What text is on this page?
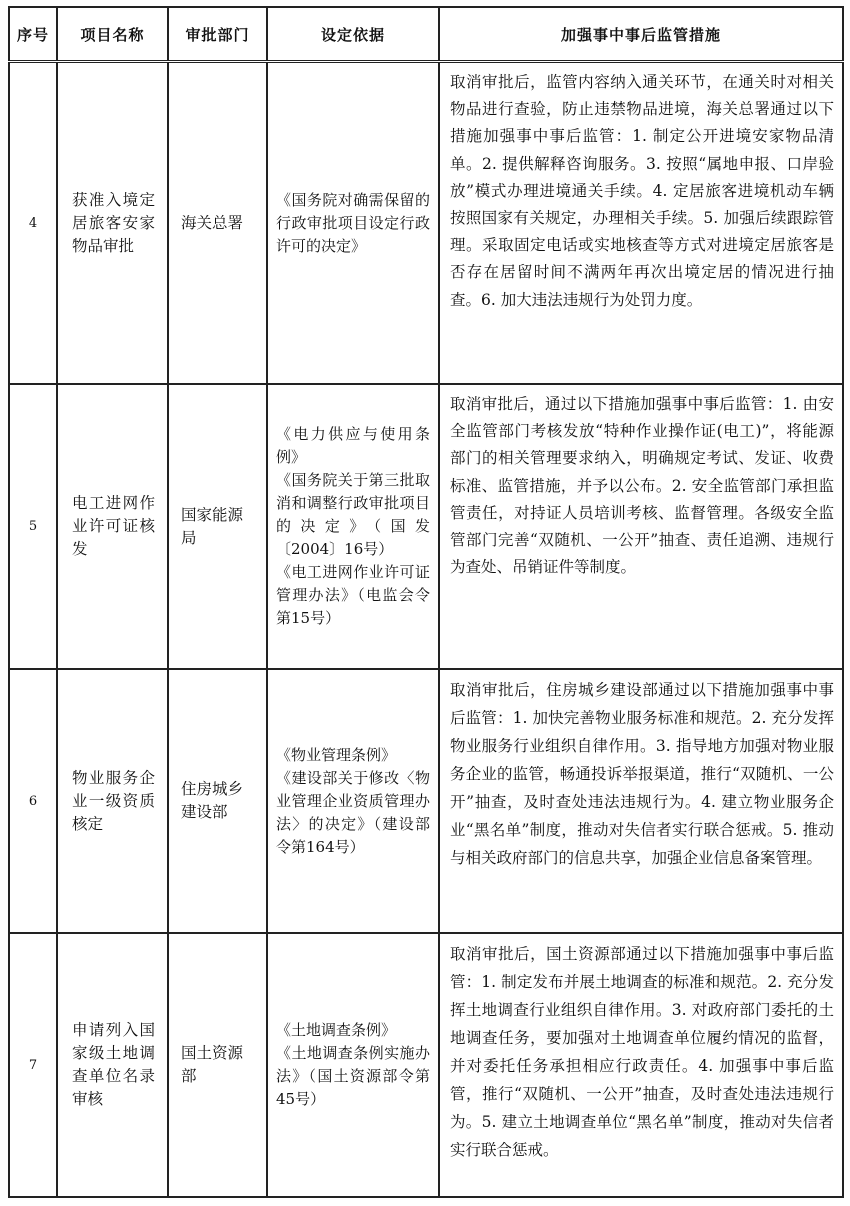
序号	项目名称	审批部门	设定依据	加强事中事后监管措施
4	获准入境定居旅客安家物品审批	海关总署	《国务院对确需保留的行政审批项目设定行政许可的决定》	取消审批后，监管内容纳入通关环节，在通关时对相关物品进行查验，防止违禁物品进境，海关总署通过以下措施加强事中事后监管：1. 制定公开进境安家物品清单。2. 提供解释咨询服务。3. 按照“属地申报、口岸验放”模式办理进境通关手续。4. 定居旅客进境机动车辆按照国家有关规定，办理相关手续。5. 加强后续跟踪管理。采取固定电话或实地核查等方式对进境定居旅客是否存在居留时间不满两年再次出境定居的情况进行抽查。6. 加大违法违规行为处罚力度。

5	电工进网作业许可证核发	国家能源局	《电力供应与使用条例》
《国务院关于第三批取消和调整行政审批项目的决定》（国发〔2004〕16号）
《电工进网作业许可证管理办法》（电监会令第15号）	取消审批后，通过以下措施加强事中事后监管：1. 由安全监管部门考核发放“特种作业操作证(电工)”，将能源部门的相关管理要求纳入，明确规定考试、发证、收费标准、监管措施，并予以公布。2. 安全监管部门承担监管责任，对持证人员培训考核、监督管理。各级安全监管部门完善“双随机、一公开”抽查、责任追溯、违规行为查处、吊销证件等制度。

6	物业服务企业一级资质核定	住房城乡建设部	《物业管理条例》
《建设部关于修改〈物业管理企业资质管理办法〉的决定》（建设部令第164号）	取消审批后，住房城乡建设部通过以下措施加强事中事后监管：1. 加快完善物业服务标准和规范。2. 充分发挥物业服务行业组织自律作用。3. 指导地方加强对物业服务企业的监管，畅通投诉举报渠道，推行“双随机、一公开”抽查，及时查处违法违规行为。4. 建立物业服务企业“黑名单”制度，推动对失信者实行联合惩戒。5. 推动与相关政府部门的信息共享，加强企业信息备案管理。

7	申请列入国家级土地调查单位名录审核	国土资源部	《土地调查条例》
《土地调查条例实施办法》（国土资源部令第45号）	取消审批后，国土资源部通过以下措施加强事中事后监管：1. 制定发布并展土地调查的标准和规范。2. 充分发挥土地调查行业组织自律作用。3. 对政府部门委托的土地调查任务，要加强对土地调查单位履约情况的监督，并对委托任务承担相应行政责任。4. 加强事中事后监管，推行“双随机、一公开”抽查，及时查处违法违规行为。5. 建立土地调查单位“黑名单”制度，推动对失信者实行联合惩戒。
